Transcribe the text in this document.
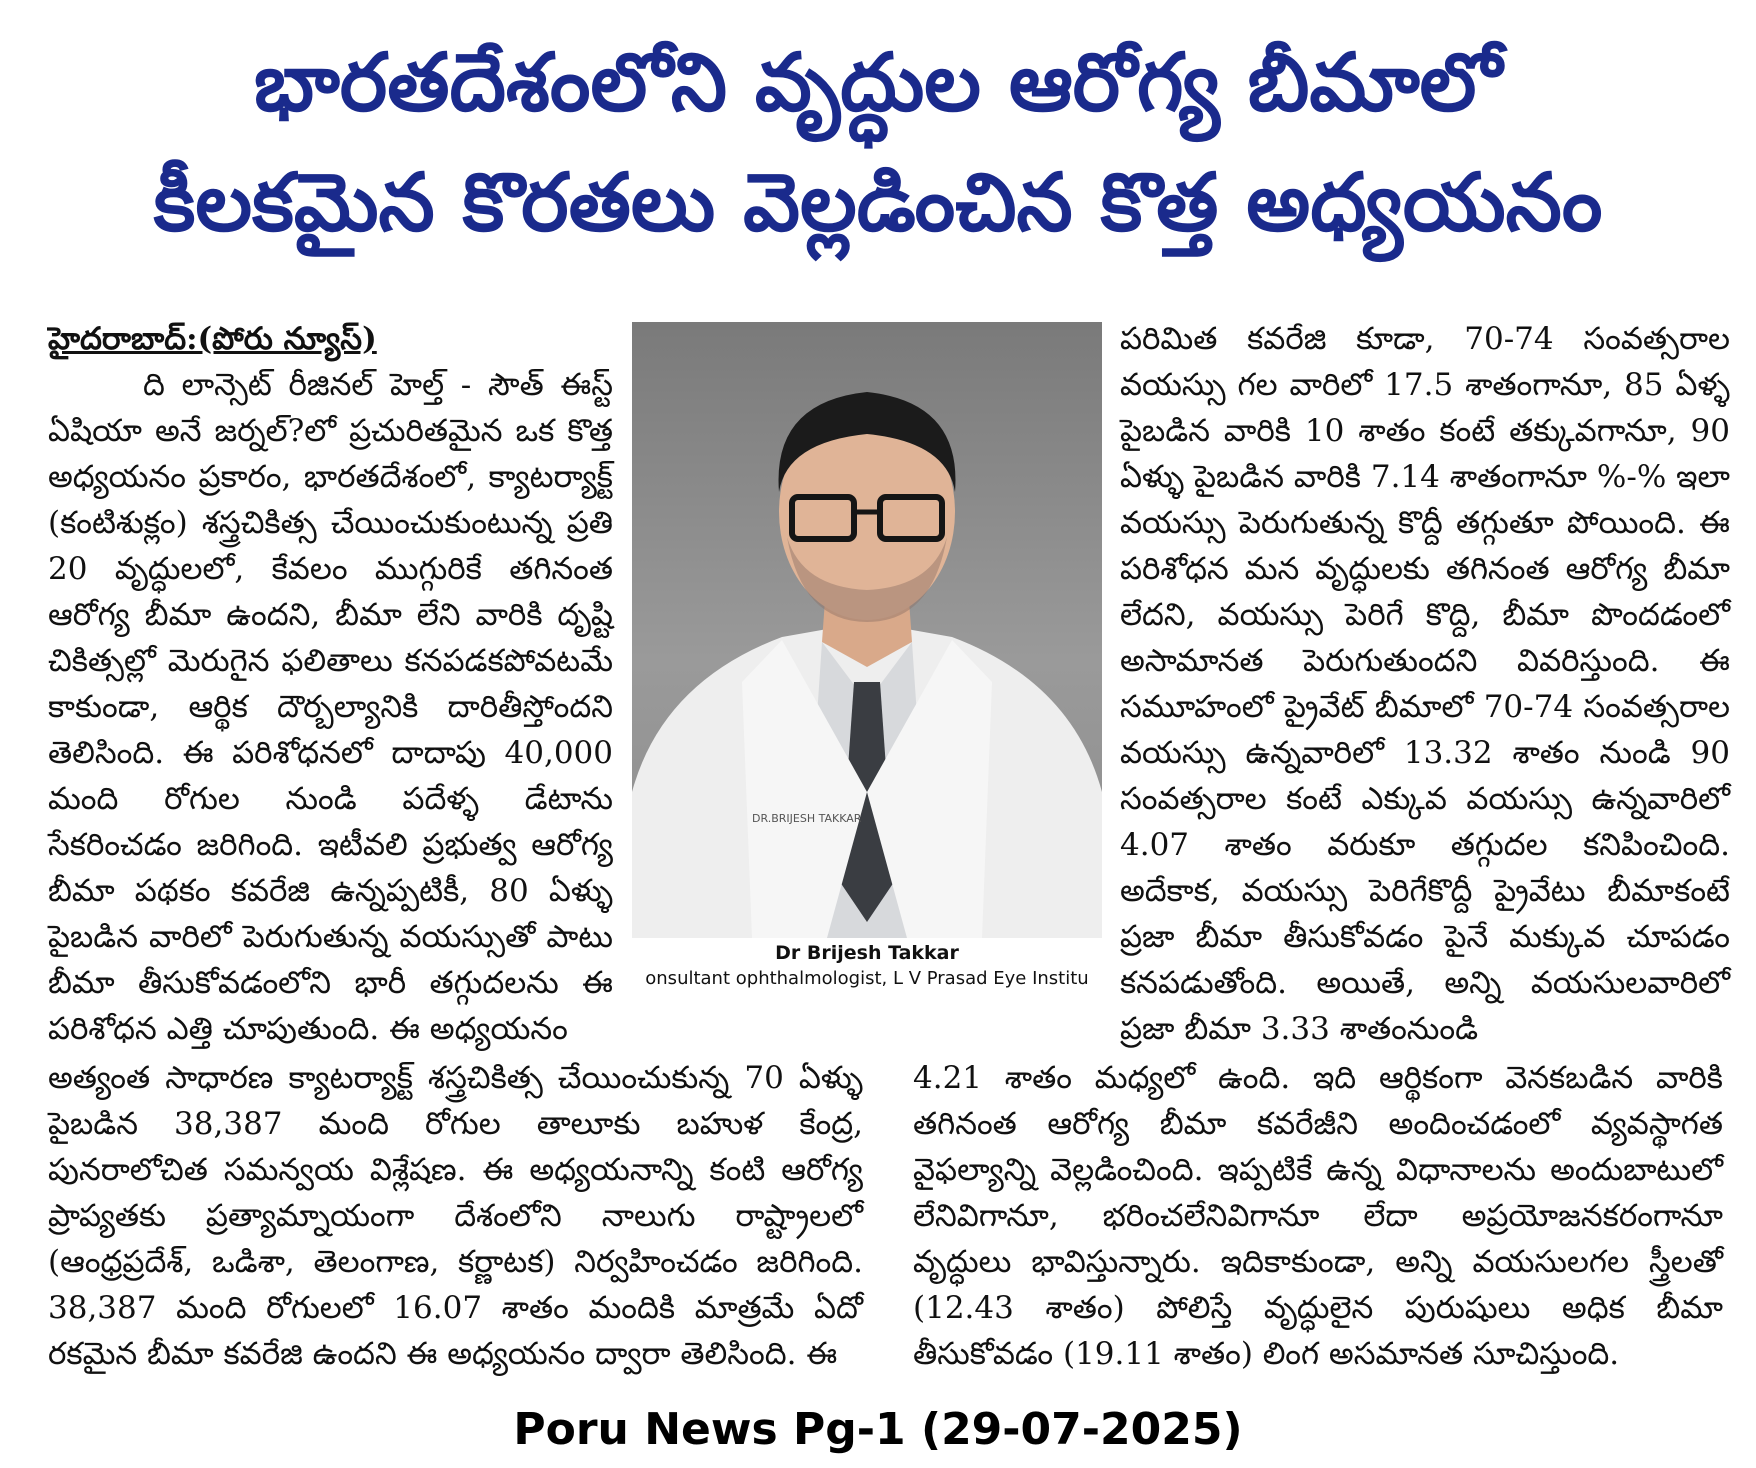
భారతదేశంలోని వృద్ధుల ఆరోగ్య బీమాలో
కీలకమైన కొరతలు వెల్లడించిన కొత్త అధ్యయనం

హైదరాబాద్:(పోరు న్యూస్)

ది లాన్సెట్ రీజినల్ హెల్త్ - సౌత్ ఈస్ట్ ఏషియా అనే జర్నల్?లో ప్రచురితమైన ఒక కొత్త అధ్యయనం ప్రకారం, భారతదేశంలో, క్యాటర్యాక్ట్ (కంటిశుక్లం) శస్త్రచికిత్స చేయించుకుంటున్న ప్రతి 20 వృద్ధులలో, కేవలం ముగ్గురికే తగినంత ఆరోగ్య బీమా ఉందని, బీమా లేని వారికి దృష్టి చికిత్సల్లో మెరుగైన ఫలితాలు కనపడకపోవటమే కాకుండా, ఆర్థిక దౌర్బల్యానికి దారితీస్తోందని తెలిసింది. ఈ పరిశోధనలో దాదాపు 40,000 మంది రోగుల నుండి పదేళ్ళ డేటాను సేకరించడం జరిగింది. ఇటీవలి ప్రభుత్వ ఆరోగ్య బీమా పథకం కవరేజి ఉన్నప్పటికీ, 80 ఏళ్ళు పైబడిన వారిలో పెరుగుతున్న వయస్సుతో పాటు బీమా తీసుకోవడంలోని భారీ తగ్గుదలను ఈ పరిశోధన ఎత్తి చూపుతుంది. ఈ అధ్యయనం

DR.BRIJESH TAKKAR
Dr Brijesh Takkar
onsultant ophthalmologist, L V Prasad Eye Institu

పరిమిత కవరేజి కూడా, 70-74 సంవత్సరాల వయస్సు గల వారిలో 17.5 శాతంగానూ, 85 ఏళ్ళ పైబడిన వారికి 10 శాతం కంటే తక్కువగానూ, 90 ఏళ్ళు పైబడిన వారికి 7.14 శాతంగానూ %-% ఇలా వయస్సు పెరుగుతున్న కొద్దీ తగ్గుతూ పోయింది. ఈ పరిశోధన మన వృద్ధులకు తగినంత ఆరోగ్య బీమా లేదని, వయస్సు పెరిగే కొద్ది, బీమా పొందడంలో అసామానత పెరుగుతుందని వివరిస్తుంది. ఈ సమూహంలో ప్రైవేట్ బీమాలో 70-74 సంవత్సరాల వయస్సు ఉన్నవారిలో 13.32 శాతం నుండి 90 సంవత్సరాల కంటే ఎక్కువ వయస్సు ఉన్నవారిలో 4.07 శాతం వరుకూ తగ్గుదల కనిపించింది. అదేకాక, వయస్సు పెరిగేకొద్దీ ప్రైవేటు బీమాకంటే ప్రజా బీమా తీసుకోవడం పైనే మక్కువ చూపడం కనపడుతోంది. అయితే, అన్ని వయసులవారిలో ప్రజా బీమా 3.33 శాతంనుండి

అత్యంత సాధారణ క్యాటర్యాక్ట్ శస్త్రచికిత్స చేయించుకున్న 70 ఏళ్ళు పైబడిన 38,387 మంది రోగుల తాలూకు బహుళ కేంద్ర, పునరాలోచిత సమన్వయ విశ్లేషణ. ఈ అధ్యయనాన్ని కంటి ఆరోగ్య ప్రాప్యతకు ప్రత్యామ్నాయంగా దేశంలోని నాలుగు రాష్ట్రాలలో (ఆంధ్రప్రదేశ్, ఒడిశా, తెలంగాణ, కర్ణాటక) నిర్వహించడం జరిగింది. 38,387 మంది రోగులలో 16.07 శాతం మందికి మాత్రమే ఏదో రకమైన బీమా కవరేజి ఉందని ఈ అధ్యయనం ద్వారా తెలిసింది. ఈ

4.21 శాతం మధ్యలో ఉంది. ఇది ఆర్థికంగా వెనకబడిన వారికి తగినంత ఆరోగ్య బీమా కవరేజీని అందించడంలో వ్యవస్థాగత వైఫల్యాన్ని వెల్లడించింది. ఇప్పటికే ఉన్న విధానాలను అందుబాటులో లేనివిగానూ, భరించలేనివిగానూ లేదా అప్రయోజనకరంగానూ వృద్ధులు భావిస్తున్నారు. ఇదికాకుండా, అన్ని వయసులగల స్త్రీలతో (12.43 శాతం) పోలిస్తే వృద్ధులైన పురుషులు అధిక బీమా తీసుకోవడం (19.11 శాతం) లింగ అసమానత సూచిస్తుంది.

Poru News Pg-1 (29-07-2025)
